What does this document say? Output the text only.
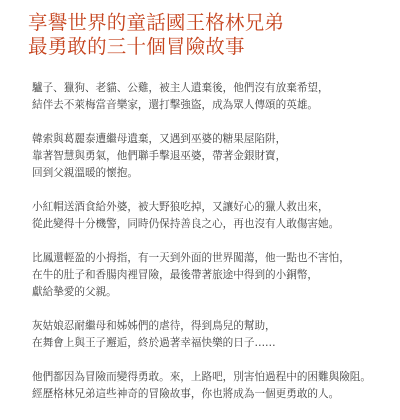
享譽世界的童話國王格林兄弟
最勇敢的三十個冒險故事

驢子、獵狗、老貓、公雞，被主人遺棄後，他們沒有放棄希望，
結伴去不萊梅當音樂家，還打擊強盜，成為眾人傳頌的英雄。

韓索與葛麗泰遭繼母遺棄，又遇到巫婆的糖果屋陷阱，
靠著智慧與勇氣，他們聯手擊退巫婆，帶著金銀財寶，
回到父親溫暖的懷抱。

小紅帽送酒食給外婆，被大野狼吃掉，又讓好心的獵人救出來，
從此變得十分機警，同時仍保持善良之心，再也沒有人敢傷害她。

比鳳還輕盈的小拇指，有一天到外面的世界闖蕩，他一點也不害怕，
在牛的肚子和香腸肉裡冒險，最後帶著旅途中得到的小銅幣，
獻給摯愛的父親。

灰姑娘忍耐繼母和姊姊們的虐待，得到鳥兒的幫助，
在舞會上與王子邂逅，終於過著幸福快樂的日子……

他們都因為冒險而變得勇敢。來，上路吧，別害怕過程中的困難與險阻。
經歷格林兄弟這些神奇的冒險故事，你也將成為一個更勇敢的人。
